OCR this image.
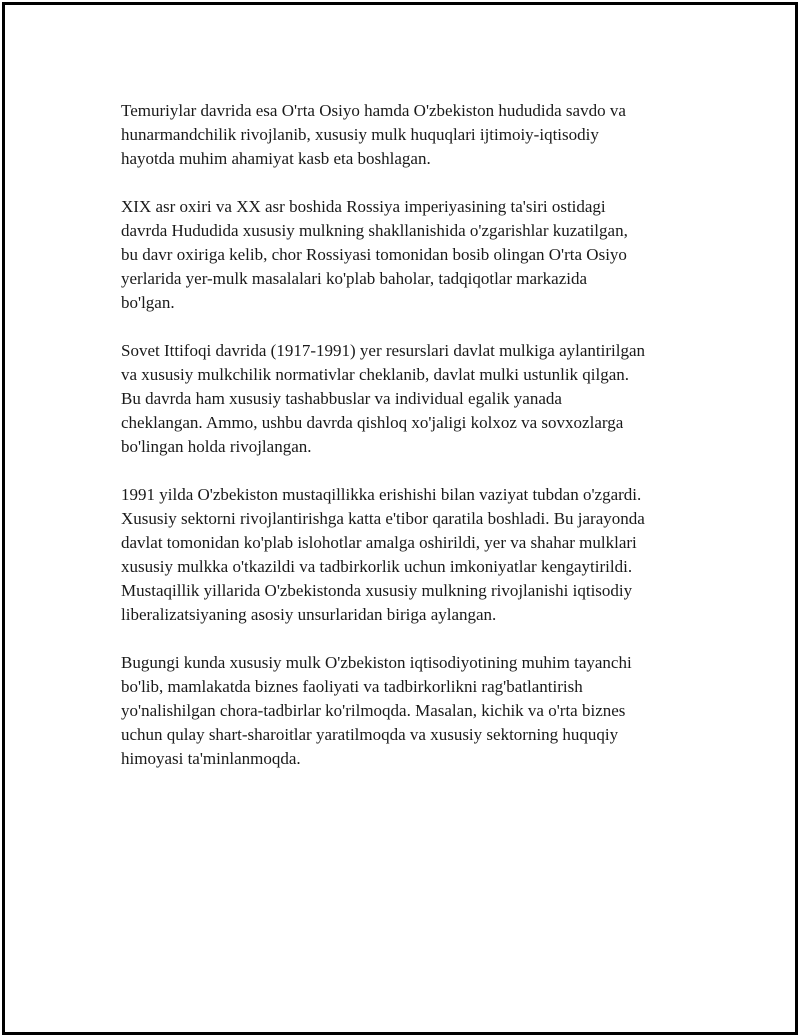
Temuriylar davrida esa O'rta Osiyo hamda O'zbekiston hududida savdo va
hunarmandchilik rivojlanib, xususiy mulk huquqlari ijtimoiy-iqtisodiy
hayotda muhim ahamiyat kasb eta boshlagan.

XIX asr oxiri va XX asr boshida Rossiya imperiyasining ta'siri ostidagi
davrda Hududida xususiy mulkning shakllanishida o'zgarishlar kuzatilgan,
bu davr oxiriga kelib, chor Rossiyasi tomonidan bosib olingan O'rta Osiyo
yerlarida yer-mulk masalalari ko'plab baholar, tadqiqotlar markazida
bo'lgan.

Sovet Ittifoqi davrida (1917-1991) yer resurslari davlat mulkiga aylantirilgan
va xususiy mulkchilik normativlar cheklanib, davlat mulki ustunlik qilgan.
Bu davrda ham xususiy tashabbuslar va individual egalik yanada
cheklangan. Ammo, ushbu davrda qishloq xo'jaligi kolxoz va sovxozlarga
bo'lingan holda rivojlangan.

1991 yilda O'zbekiston mustaqillikka erishishi bilan vaziyat tubdan o'zgardi.
Xususiy sektorni rivojlantirishga katta e'tibor qaratila boshladi. Bu jarayonda
davlat tomonidan ko'plab islohotlar amalga oshirildi, yer va shahar mulklari
xususiy mulkka o'tkazildi va tadbirkorlik uchun imkoniyatlar kengaytirildi.
Mustaqillik yillarida O'zbekistonda xususiy mulkning rivojlanishi iqtisodiy
liberalizatsiyaning asosiy unsurlaridan biriga aylangan.

Bugungi kunda xususiy mulk O'zbekiston iqtisodiyotining muhim tayanchi
bo'lib, mamlakatda biznes faoliyati va tadbirkorlikni rag'batlantirish
yo'nalishilgan chora-tadbirlar ko'rilmoqda. Masalan, kichik va o'rta biznes
uchun qulay shart-sharoitlar yaratilmoqda va xususiy sektorning huquqiy
himoyasi ta'minlanmoqda.
